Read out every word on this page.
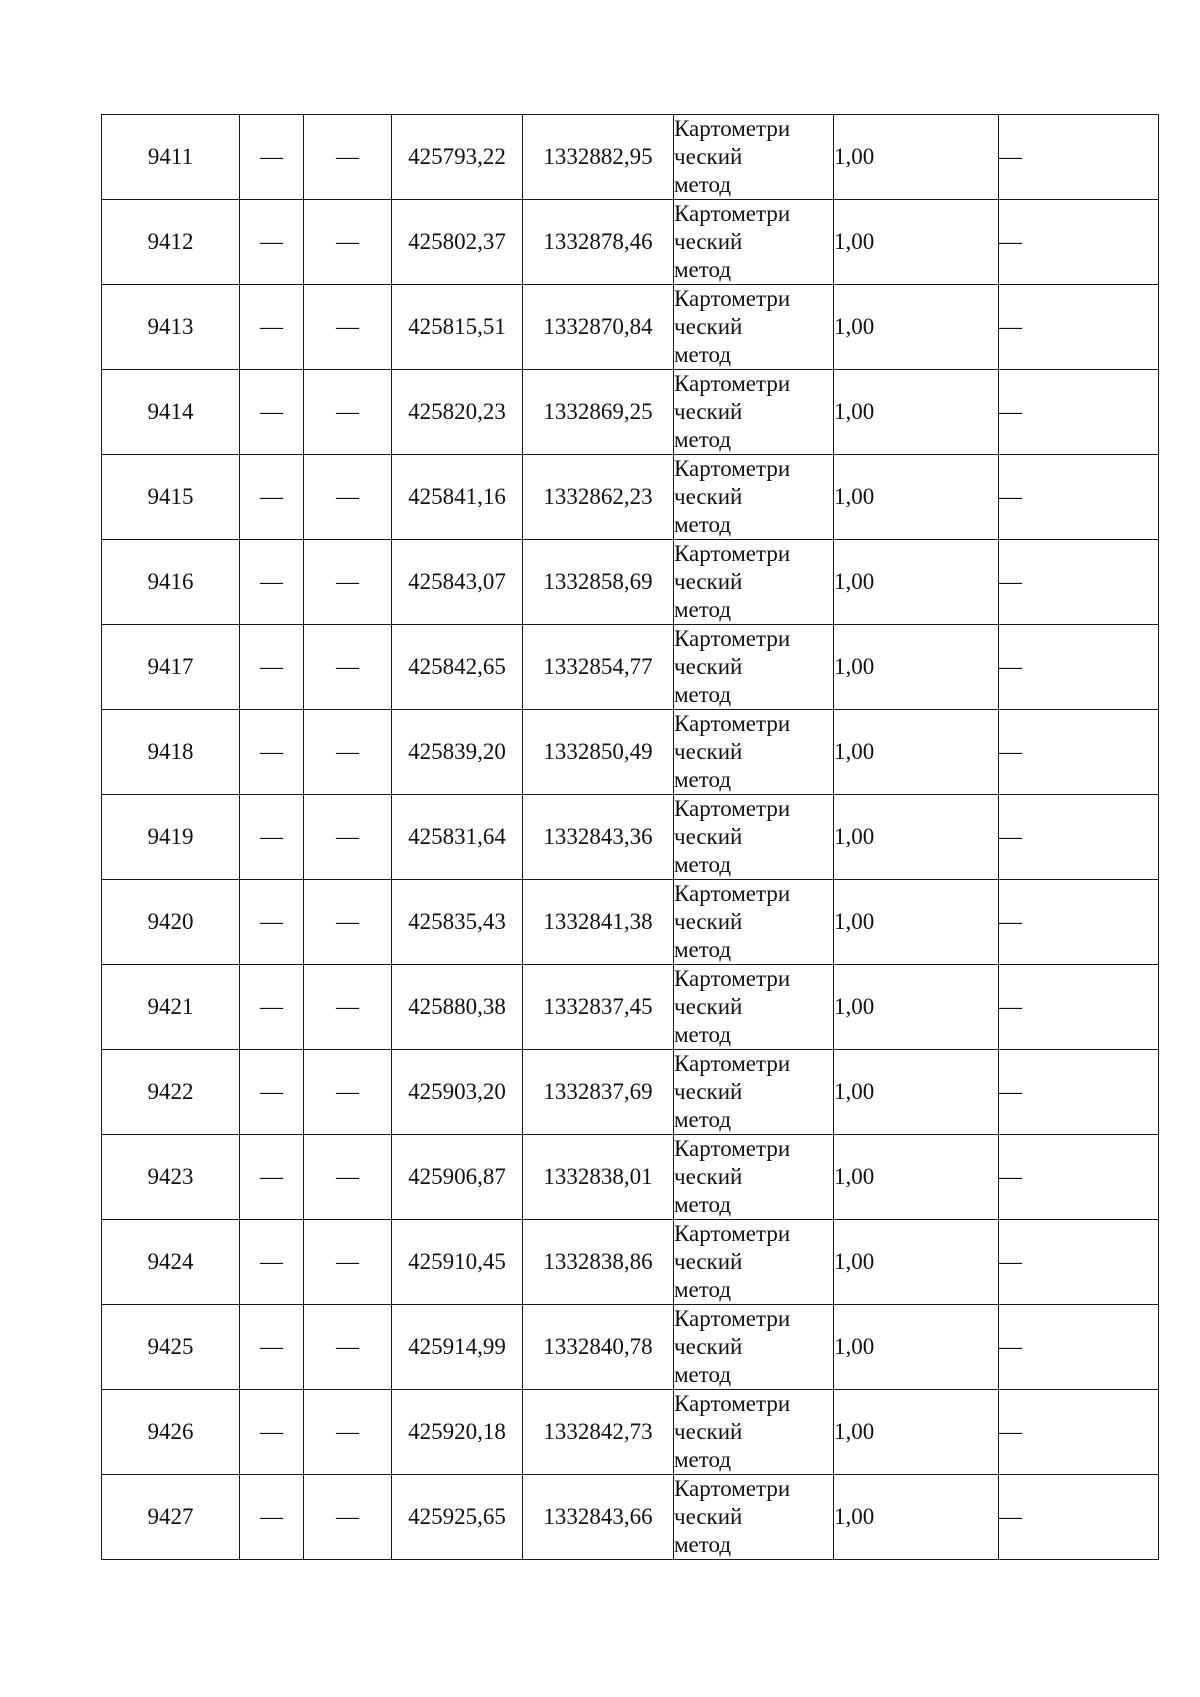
9411	—	—	425793,22	1332882,95	Картометри
ческий
метод	1,00	—
9412	—	—	425802,37	1332878,46	Картометри
ческий
метод	1,00	—
9413	—	—	425815,51	1332870,84	Картометри
ческий
метод	1,00	—
9414	—	—	425820,23	1332869,25	Картометри
ческий
метод	1,00	—
9415	—	—	425841,16	1332862,23	Картометри
ческий
метод	1,00	—
9416	—	—	425843,07	1332858,69	Картометри
ческий
метод	1,00	—
9417	—	—	425842,65	1332854,77	Картометри
ческий
метод	1,00	—
9418	—	—	425839,20	1332850,49	Картометри
ческий
метод	1,00	—
9419	—	—	425831,64	1332843,36	Картометри
ческий
метод	1,00	—
9420	—	—	425835,43	1332841,38	Картометри
ческий
метод	1,00	—
9421	—	—	425880,38	1332837,45	Картометри
ческий
метод	1,00	—
9422	—	—	425903,20	1332837,69	Картометри
ческий
метод	1,00	—
9423	—	—	425906,87	1332838,01	Картометри
ческий
метод	1,00	—
9424	—	—	425910,45	1332838,86	Картометри
ческий
метод	1,00	—
9425	—	—	425914,99	1332840,78	Картометри
ческий
метод	1,00	—
9426	—	—	425920,18	1332842,73	Картометри
ческий
метод	1,00	—
9427	—	—	425925,65	1332843,66	Картометри
ческий
метод	1,00	—
